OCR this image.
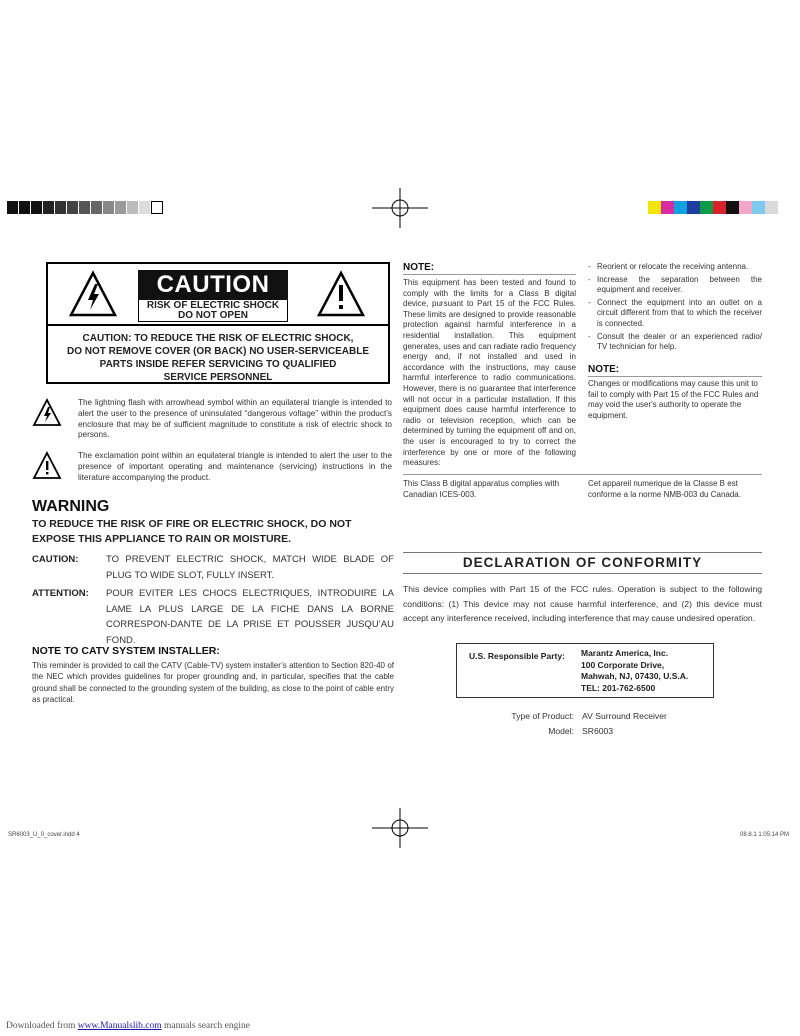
CAUTION
RISK OF ELECTRIC SHOCK
DO NOT OPEN
CAUTION: TO REDUCE THE RISK OF ELECTRIC SHOCK,
DO NOT REMOVE COVER (OR BACK) NO USER-SERVICEABLE
PARTS INSIDE REFER SERVICING TO QUALIFIED
SERVICE PERSONNEL

The lightning flash with arrowhead symbol within an equilateral triangle is intended to alert the user to the presence of uninsulated “dangerous voltage” within the product’s enclosure that may be of sufficient magnitude to constitute a risk of electric shock to persons.

The exclamation point within an equilateral triangle is intended to alert the user to the presence of important operating and maintenance (servicing) instructions in the literature accompanying the product.

WARNING
TO REDUCE THE RISK OF FIRE OR ELECTRIC SHOCK, DO NOT EXPOSE THIS APPLIANCE TO RAIN OR MOISTURE.
CAUTION:	TO PREVENT ELECTRIC SHOCK, MATCH WIDE BLADE OF PLUG TO WIDE SLOT, FULLY INSERT.
ATTENTION: POUR EVITER LES CHOCS ELECTRIQUES, INTRODUIRE LA LAME LA PLUS LARGE DE LA FICHE DANS LA BORNE CORRESPON-DANTE DE LA PRISE ET POUSSER JUSQU’AU FOND.
NOTE TO CATV SYSTEM INSTALLER:
This reminder is provided to call the CATV (Cable-TV) system installer’s attention to Section 820-40 of the NEC which provides guidelines for proper grounding and, in particular, specifies that the cable ground shall be connected to the grounding system of the building, as close to the point of cable entry as practical.
NOTE:
This equipment has been tested and found to comply with the limits for a Class B digital device, pursuant to Part 15 of the FCC Rules. These limits are designed to provide reasonable protection against harmful interference in a residential installation. This equipment generates, uses and can radiate radio frequency energy and, if not installed and used in accordance with the instructions, may cause harmful interference to radio communications. However, there is no guarantee that interference will not occur in a particular installation. If this equipment does cause harmful interference to radio or television reception, which can be determined by turning the equipment off and on, the user is encouraged to try to correct the interference by one or more of the following measures:
- Reorient or relocate the receiving antenna.
- Increase the separation between the equipment and receiver.
- Connect the equipment into an outlet on a circuit different from that to which the receiver is connected.
- Consult the dealer or an experienced radio/ TV technician for help.
NOTE:
Changes or modifications may cause this unit to fail to comply with Part 15 of the FCC Rules and may void the user's authority to operate the equipment.
This Class B digital apparatus complies with Canadian ICES-003.
Cet appareil numerique de la Classe B est conforme a la norme NMB-003 du Canada.
DECLARATION OF CONFORMITY
This device complies with Part 15 of the FCC rules. Operation is subject to the following conditions: (1) This device may not cause harmful interference, and (2) this device must accept any interference received, including interference that may cause undesired operation.
U.S. Responsible Party: Marantz America, Inc.
100 Corporate Drive,
Mahwah, NJ, 07430, U.S.A.
TEL: 201-762-6500
Type of Product:
Model:
AV Surround Receiver
SR6003
SR6003_U_0_cover.indd 4	08.8.1 1:05:14 PM
Downloaded from www.Manualslib.com manuals search engine
